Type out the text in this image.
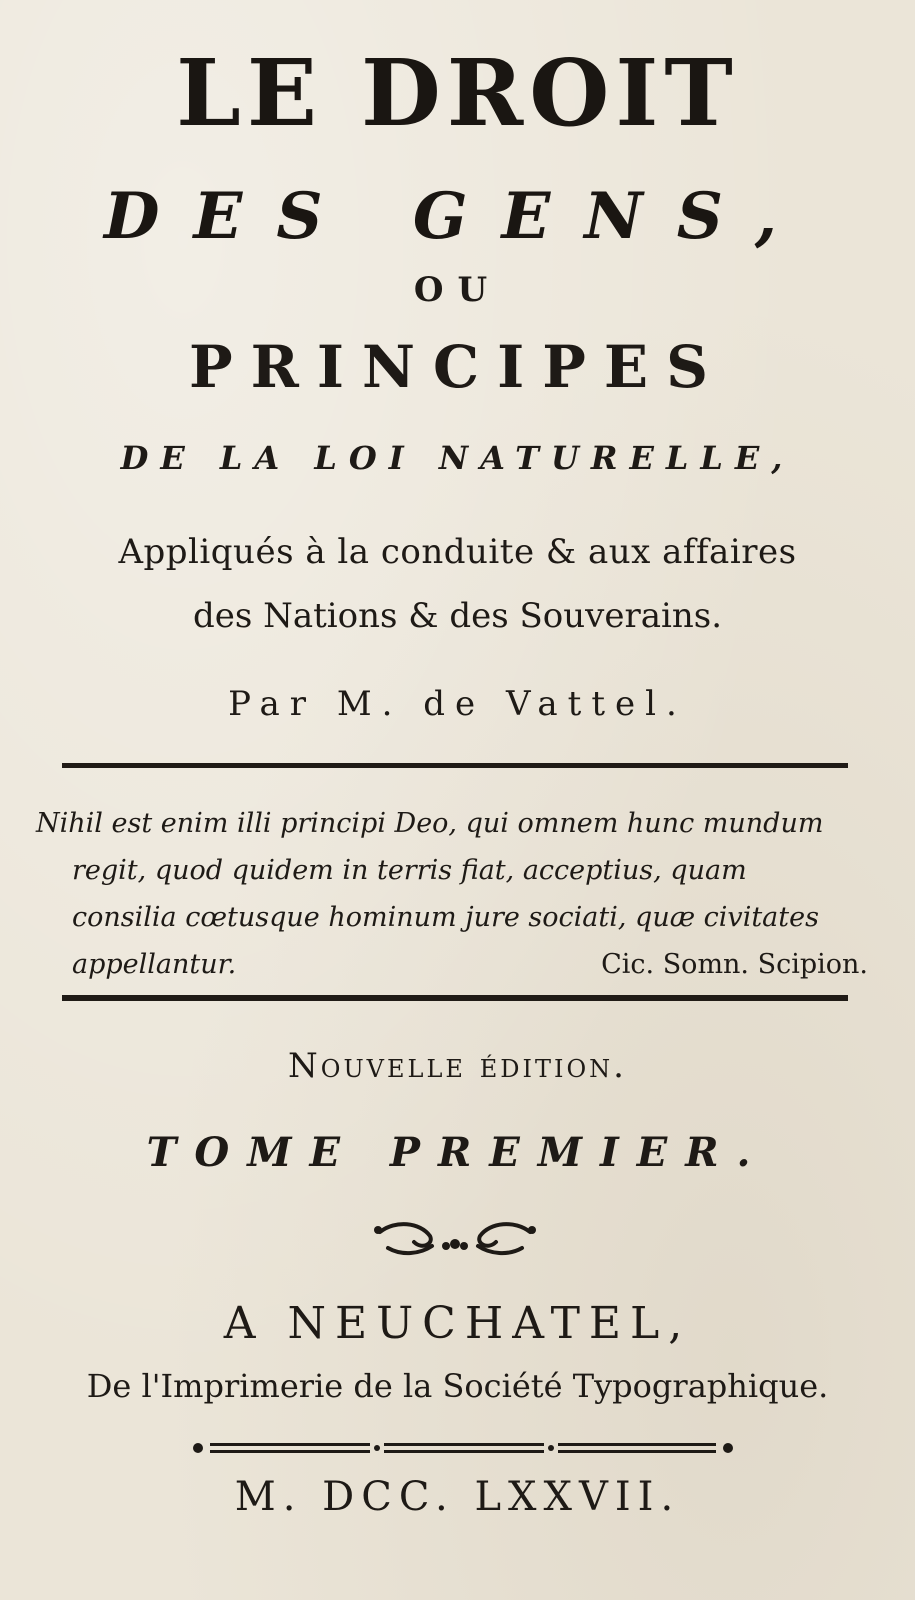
LE DROIT
DES GENS,
OU
PRINCIPES
DE LA LOI NATURELLE,
Appliqués à la conduite & aux affaires
des Nations & des Souverains.
Par M. de Vattel.
Nihil est enim illi principi Deo, qui omnem hunc mundum
regit, quod quidem in terris fiat, acceptius, quam
consilia cœtusque hominum jure sociati, quæ civitates
appellantur.	Cic. Somn. Scipion.
Nouvelle édition.
TOME PREMIER.
A NEUCHATEL,
De l'Imprimerie de la Société Typographique.
M. DCC. LXXVII.
